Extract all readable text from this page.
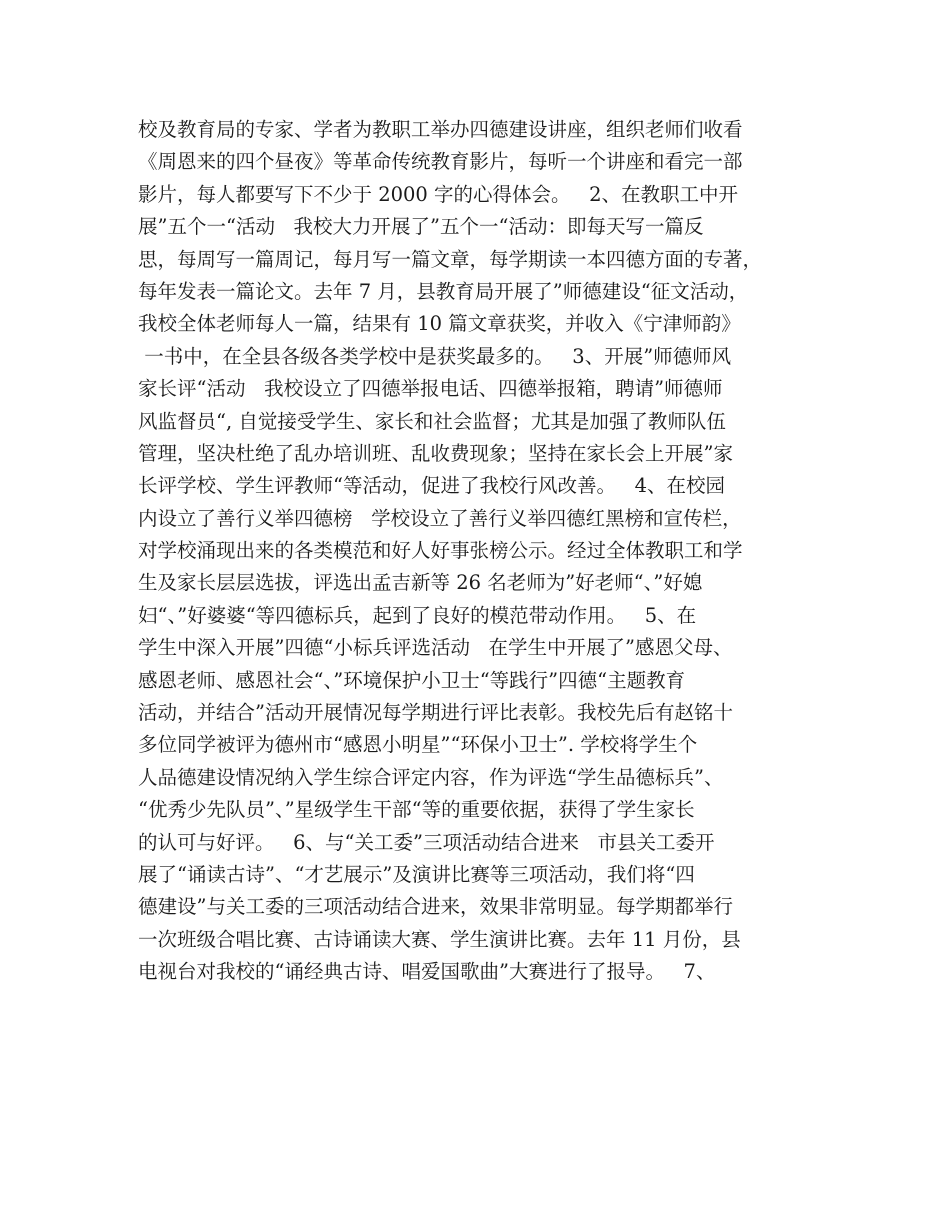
校及教育局的专家、学者为教职工举办四德建设讲座，组织老师们收看
《周恩来的四个昼夜》等革命传统教育影片，每听一个讲座和看完一部
影片，每人都要写下不少于 2000 字的心得体会。   2、在教职工中开
展”五个一“活动   我校大力开展了”五个一“活动：即每天写一篇反
思，每周写一篇周记，每月写一篇文章，每学期读一本四德方面的专著，
每年发表一篇论文。去年 7 月，县教育局开展了”师德建设“征文活动，
我校全体老师每人一篇，结果有 10 篇文章获奖，并收入《宁津师韵》
一书中，在全县各级各类学校中是获奖最多的。   3、开展”师德师风
家长评“活动   我校设立了四德举报电话、四德举报箱，聘请”师德师
风监督员“, 自觉接受学生、家长和社会监督；尤其是加强了教师队伍
管理，坚决杜绝了乱办培训班、乱收费现象；坚持在家长会上开展”家
长评学校、学生评教师“等活动，促进了我校行风改善。   4、在校园
内设立了善行义举四德榜   学校设立了善行义举四德红黑榜和宣传栏，
对学校涌现出来的各类模范和好人好事张榜公示。经过全体教职工和学
生及家长层层选拔，评选出孟吉新等 26 名老师为”好老师“、”好媳
妇“、”好婆婆“等四德标兵，起到了良好的模范带动作用。   5、在
学生中深入开展”四德“小标兵评选活动   在学生中开展了”感恩父母、
感恩老师、感恩社会“、”环境保护小卫士“等践行”四德“主题教育
活动，并结合”活动开展情况每学期进行评比表彰。我校先后有赵铭十
多位同学被评为德州市“感恩小明星”“环保小卫士”. 学校将学生个
人品德建设情况纳入学生综合评定内容，作为评选“学生品德标兵”、
“优秀少先队员”、”星级学生干部“等的重要依据，获得了学生家长
的认可与好评。   6、与“关工委”三项活动结合进来   市县关工委开
展了“诵读古诗”、“才艺展示”及演讲比赛等三项活动，我们将“四
德建设”与关工委的三项活动结合进来，效果非常明显。每学期都举行
一次班级合唱比赛、古诗诵读大赛、学生演讲比赛。去年 11 月份，县
电视台对我校的“诵经典古诗、唱爱国歌曲”大赛进行了报导。   7、
